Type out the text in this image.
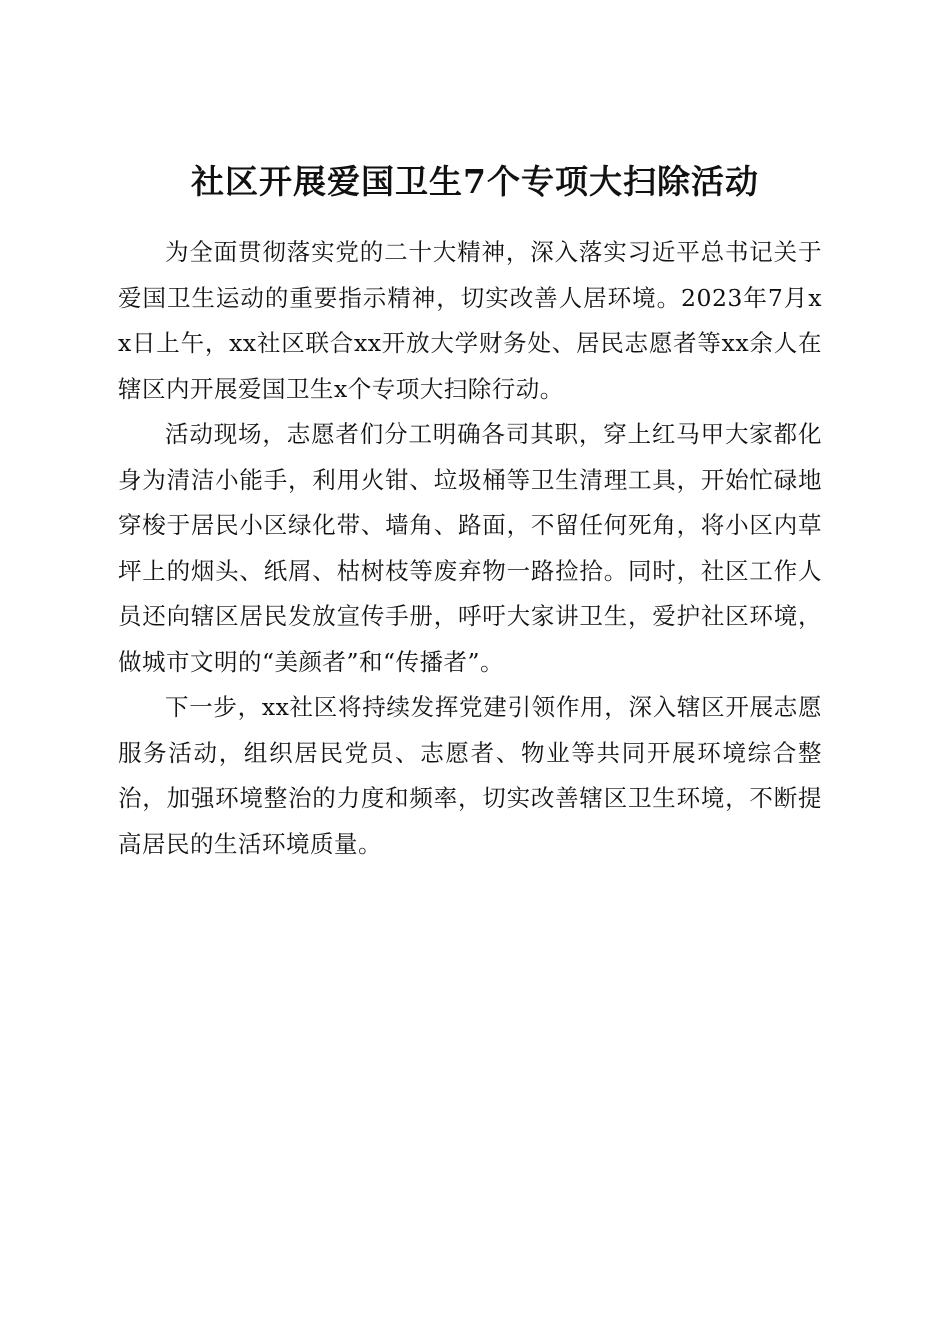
社区开展爱国卫生7个专项大扫除活动

为全面贯彻落实党的二十大精神，深入落实习近平总书记关于爱国卫生运动的重要指示精神，切实改善人居环境。2023年7月xx日上午，xx社区联合xx开放大学财务处、居民志愿者等xx余人在辖区内开展爱国卫生x个专项大扫除行动。

活动现场，志愿者们分工明确各司其职，穿上红马甲大家都化身为清洁小能手，利用火钳、垃圾桶等卫生清理工具，开始忙碌地穿梭于居民小区绿化带、墙角、路面，不留任何死角，将小区内草坪上的烟头、纸屑、枯树枝等废弃物一路捡拾。同时，社区工作人员还向辖区居民发放宣传手册，呼吁大家讲卫生，爱护社区环境，做城市文明的“美颜者”和“传播者”。

下一步，xx社区将持续发挥党建引领作用，深入辖区开展志愿服务活动，组织居民党员、志愿者、物业等共同开展环境综合整治，加强环境整治的力度和频率，切实改善辖区卫生环境，不断提高居民的生活环境质量。
